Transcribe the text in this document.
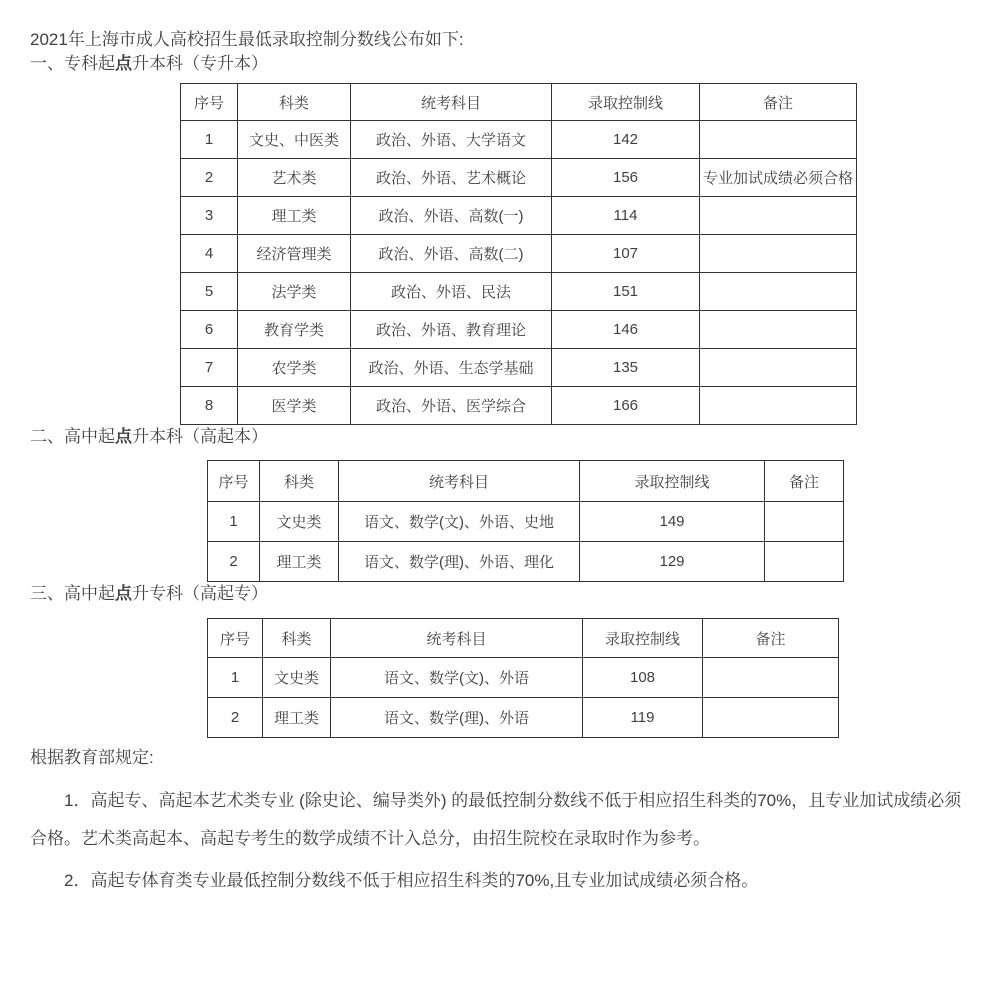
2021年上海市成人高校招生最低录取控制分数线公布如下:

一、专科起点升本科（专升本）
序号	科类	统考科目	录取控制线	备注
1	文史、中医类	政治、外语、大学语文	142	
2	艺术类	政治、外语、艺术概论	156	专业加试成绩必须合格
3	理工类	政治、外语、高数(一)	114	
4	经济管理类	政治、外语、高数(二)	107	
5	法学类	政治、外语、民法	151	
6	教育学类	政治、外语、教育理论	146	
7	农学类	政治、外语、生态学基础	135	
8	医学类	政治、外语、医学综合	166	
二、高中起点升本科（高起本）
序号	科类	统考科目	录取控制线	备注
1	文史类	语文、数学(文)、外语、史地	149	
2	理工类	语文、数学(理)、外语、理化	129	
三、高中起点升专科（高起专）
序号	科类	统考科目	录取控制线	备注
1	文史类	语文、数学(文)、外语	108	
2	理工类	语文、数学(理)、外语	119	

根据教育部规定:

1．高起专、高起本艺术类专业 (除史论、编导类外) 的最低控制分数线不低于相应招生科类的70%，且专业加试成绩必须合格。艺术类高起本、高起专考生的数学成绩不计入总分，由招生院校在录取时作为参考。

2．高起专体育类专业最低控制分数线不低于相应招生科类的70%,且专业加试成绩必须合格。
